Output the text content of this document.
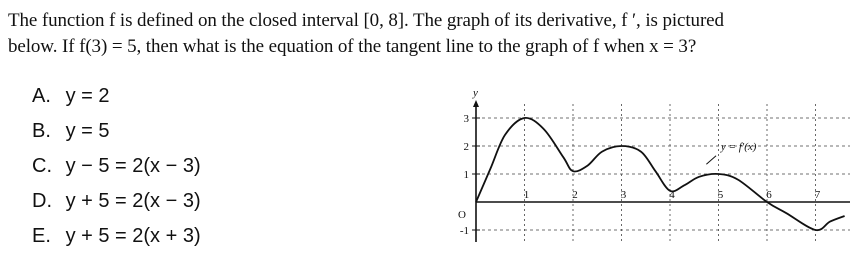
The function f is defined on the closed interval [0, 8]. The graph of its derivative, f ′, is pictured
below. If f(3) = 5, then what is the equation of the tangent line to the graph of f when x = 3?
A. y = 2
B. y = 5
C. y − 5 = 2(x − 3)
D. y + 5 = 2(x − 3)
E. y + 5 = 2(x + 3)
1	2	3	4	5	6	7
3
2
1
-1
O
y
y = f′(x)
